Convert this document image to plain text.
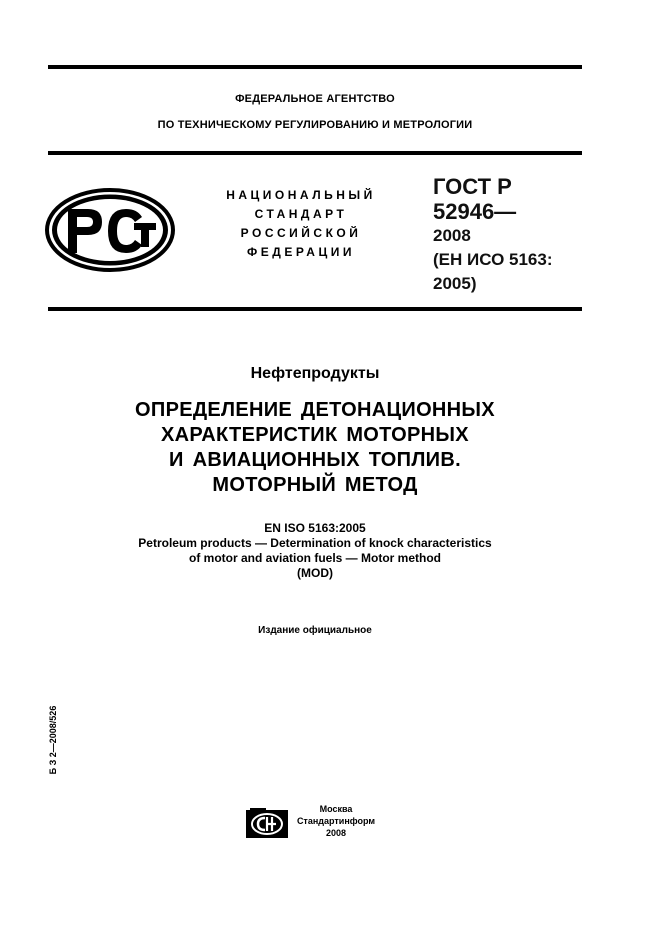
ФЕДЕРАЛЬНОЕ АГЕНТСТВО
ПО ТЕХНИЧЕСКОМУ РЕГУЛИРОВАНИЮ И МЕТРОЛОГИИ
НАЦИОНАЛЬНЫЙ
СТАНДАРТ
РОССИЙСКОЙ
ФЕДЕРАЦИИ
ГОСТ Р
52946—
2008
(ЕН ИСО 5163:
2005)
Нефтепродукты
ОПРЕДЕЛЕНИЕ ДЕТОНАЦИОННЫХ
ХАРАКТЕРИСТИК МОТОРНЫХ
И АВИАЦИОННЫХ ТОПЛИВ.
МОТОРНЫЙ МЕТОД
EN ISO 5163:2005
Petroleum products — Determination of knock characteristics
of motor and aviation fuels — Motor method
(MOD)
Издание официальное
Б З 2—2008/526
Москва
Стандартинформ
2008
